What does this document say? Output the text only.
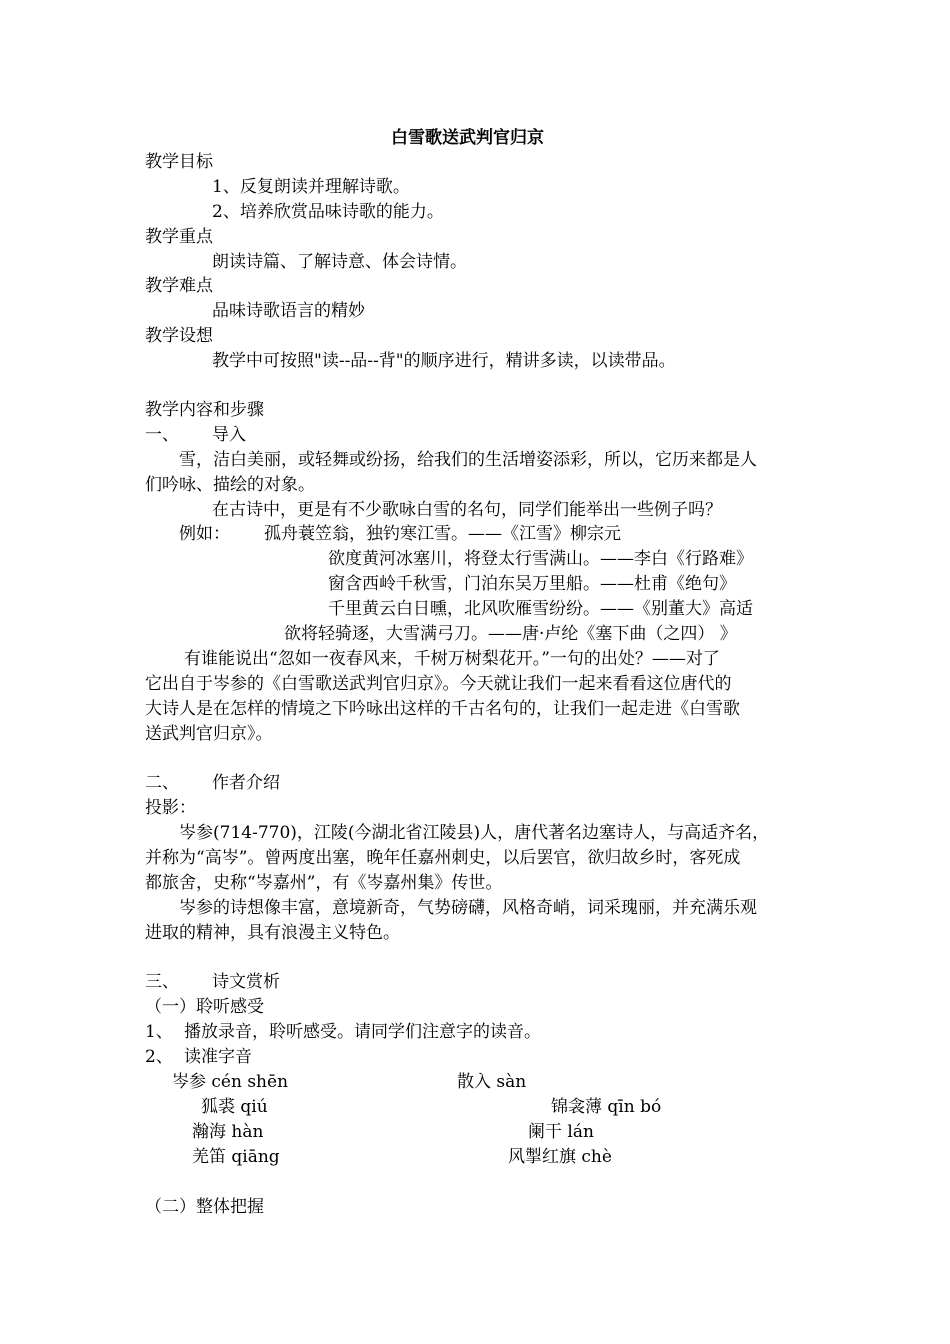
白雪歌送武判官归京
教学目标
1、反复朗读并理解诗歌。
2、培养欣赏品味诗歌的能力。
教学重点
朗读诗篇、了解诗意、体会诗情。
教学难点
品味诗歌语言的精妙
教学设想
教学中可按照"读--品--背"的顺序进行，精讲多读，以读带品。
教学内容和步骤
一、 导入
雪，洁白美丽，或轻舞或纷扬，给我们的生活增姿添彩，所以，它历来都是人
们吟咏、描绘的对象。
在古诗中，更是有不少歌咏白雪的名句，同学们能举出一些例子吗？
例如： 孤舟蓑笠翁，独钓寒江雪。——《江雪》柳宗元
欲度黄河冰塞川，将登太行雪满山。——李白《行路难》
窗含西岭千秋雪，门泊东吴万里船。——杜甫《绝句》
千里黄云白日曛，北风吹雁雪纷纷。——《别董大》高适
欲将轻骑逐，大雪满弓刀。——唐·卢纶《塞下曲（之四） 》
有谁能说出“忽如一夜春风来，千树万树梨花开。”一句的出处？——对了
它出自于岑参的《白雪歌送武判官归京》。今天就让我们一起来看看这位唐代的
大诗人是在怎样的情境之下吟咏出这样的千古名句的，让我们一起走进《白雪歌
送武判官归京》。
二、 作者介绍
投影：
岑参(714-770)，江陵(今湖北省江陵县)人，唐代著名边塞诗人，与高适齐名，
并称为“高岑”。曾两度出塞，晚年任嘉州刺史，以后罢官，欲归故乡时，客死成
都旅舍，史称“岑嘉州”，有《岑嘉州集》传世。
岑参的诗想像丰富，意境新奇，气势磅礴，风格奇峭，词采瑰丽，并充满乐观
进取的精神，具有浪漫主义特色。
三、 诗文赏析
（一）聆听感受
1、 播放录音，聆听感受。请同学们注意字的读音。
2、 读准字音
岑参 cén shēn	散入 sàn
狐裘 qiú	锦衾薄 qīn bó
瀚海 hàn	阑干 lán
羌笛 qiāng	风掣红旗 chè
（二）整体把握
